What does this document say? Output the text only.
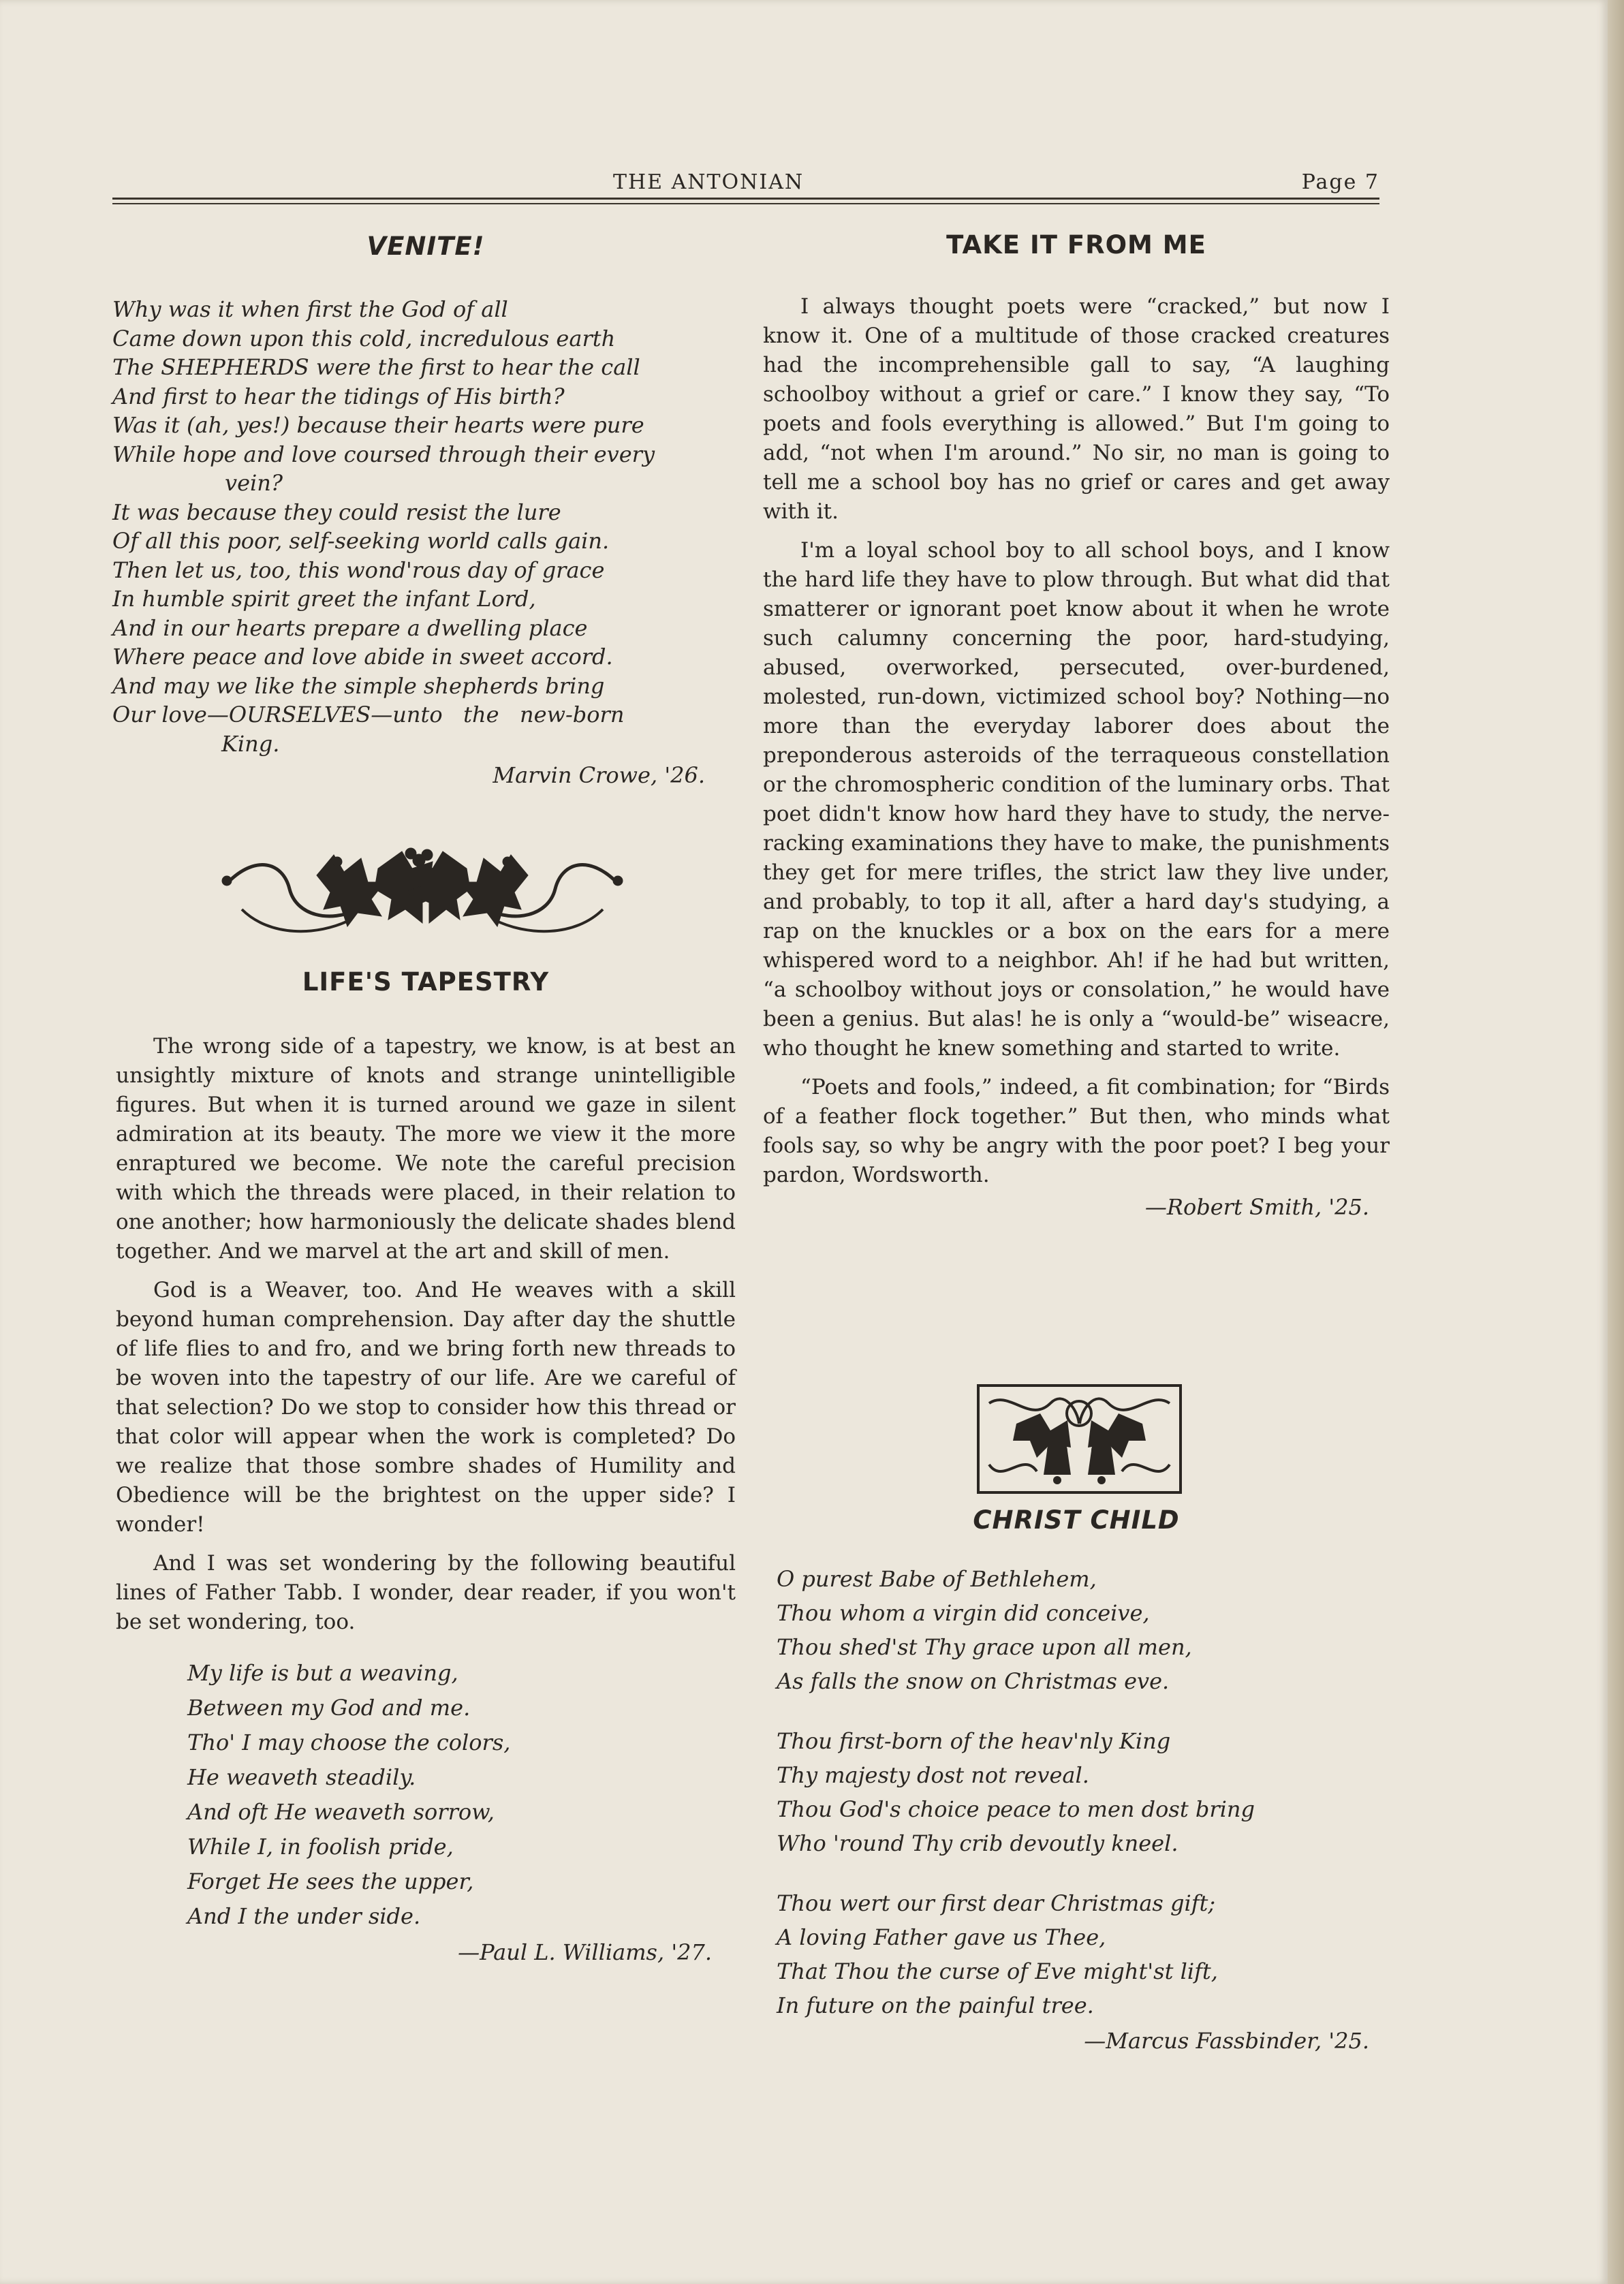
THE ANTONIAN	Page 7
VENITE!
Why was it when first the God of all
Came down upon this cold, incredulous earth
The SHEPHERDS were the first to hear the call
And first to hear the tidings of His birth?
Was it (ah, yes!) because their hearts were pure
While hope and love coursed through their every
vein?
It was because they could resist the lure
Of all this poor, self-seeking world calls gain.
Then let us, too, this wond'rous day of grace
In humble spirit greet the infant Lord,
And in our hearts prepare a dwelling place
Where peace and love abide in sweet accord.
And may we like the simple shepherds bring
Our love—OURSELVES—unto   the   new-born
King.
Marvin Crowe, '26.
LIFE'S TAPESTRY

The wrong side of a tapestry, we know, is at best an unsightly mixture of knots and strange unintelligible figures. But when it is turned around we gaze in silent admiration at its beauty. The more we view it the more enraptured we become. We note the careful precision with which the threads were placed, in their relation to one another; how harmoniously the delicate shades blend together. And we marvel at the art and skill of men.

God is a Weaver, too. And He weaves with a skill beyond human comprehension. Day after day the shuttle of life flies to and fro, and we bring forth new threads to be woven into the tapestry of our life. Are we careful of that selection? Do we stop to consider how this thread or that color will appear when the work is completed? Do we realize that those sombre shades of Humility and Obedience will be the brightest on the upper side? I wonder!

And I was set wondering by the following beautiful lines of Father Tabb. I wonder, dear reader, if you won't be set wondering, too.

My life is but a weaving,
Between my God and me.
Tho' I may choose the colors,
He weaveth steadily.
And oft He weaveth sorrow,
While I, in foolish pride,
Forget He sees the upper,
And I the under side.
—Paul L. Williams, '27.
TAKE IT FROM ME

I always thought poets were “cracked,” but now I know it. One of a multitude of those cracked creatures had the incomprehensible gall to say, “A laughing schoolboy without a grief or care.” I know they say, “To poets and fools everything is allowed.” But I'm going to add, “not when I'm around.” No sir, no man is going to tell me a school boy has no grief or cares and get away with it.

I'm a loyal school boy to all school boys, and I know the hard life they have to plow through. But what did that smatterer or ignorant poet know about it when he wrote such calumny concerning the poor, hard-studying, abused, overworked, persecuted, over-burdened, molested, run-down, victimized school boy? Nothing—no more than the everyday laborer does about the preponderous asteroids of the terraqueous constellation or the chromospheric condition of the luminary orbs. That poet didn't know how hard they have to study, the nerve-racking examinations they have to make, the punishments they get for mere trifles, the strict law they live under, and probably, to top it all, after a hard day's studying, a rap on the knuckles or a box on the ears for a mere whispered word to a neighbor. Ah! if he had but written, “a schoolboy without joys or consolation,” he would have been a genius. But alas! he is only a “would-be” wiseacre, who thought he knew something and started to write.

“Poets and fools,” indeed, a fit combination; for “Birds of a feather flock together.” But then, who minds what fools say, so why be angry with the poor poet? I beg your pardon, Wordsworth.

—Robert Smith, '25.
CHRIST CHILD
O purest Babe of Bethlehem,
Thou whom a virgin did conceive,
Thou shed'st Thy grace upon all men,
As falls the snow on Christmas eve.
Thou first-born of the heav'nly King
Thy majesty dost not reveal.
Thou God's choice peace to men dost bring
Who 'round Thy crib devoutly kneel.
Thou wert our first dear Christmas gift;
A loving Father gave us Thee,
That Thou the curse of Eve might'st lift,
In future on the painful tree.
—Marcus Fassbinder, '25.
